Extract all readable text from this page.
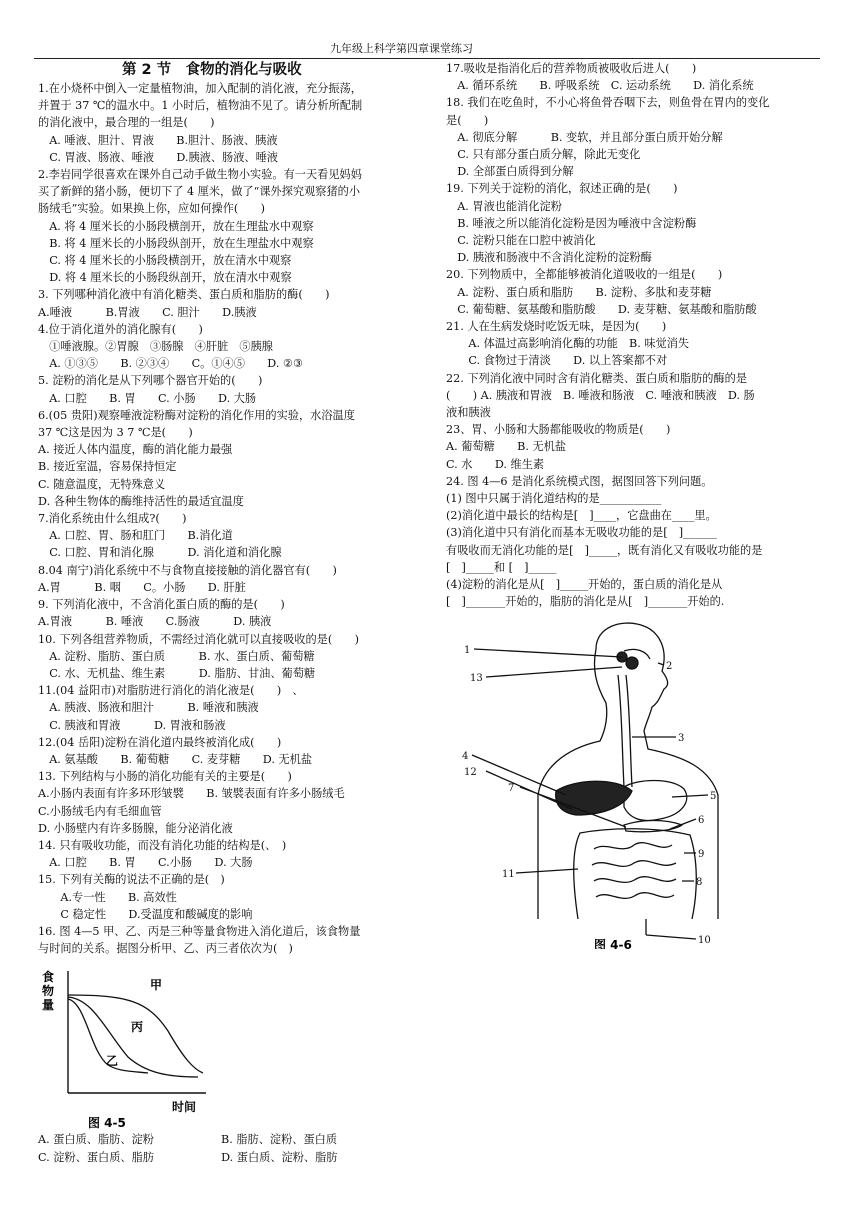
九年级上科学第四章课堂练习
第 2 节　食物的消化与吸收
1.在小烧杯中倒入一定量植物油，加入配制的消化液，充分振荡，
并置于 37 ℃的温水中。1 小时后，植物油不见了。请分析所配制
的消化液中，最合理的一组是(　　)
　A. 唾液、胆汁、胃液　　B.胆汁、肠液、胰液
　C. 胃液、肠液、唾液　　D.胰液、肠液、唾液
2.李岩同学很喜欢在课外自己动手做生物小实验。有一天看见妈妈
买了新鲜的猪小肠，便切下了 4 厘米，做了“课外探究观察猪的小
肠绒毛”实验。如果换上你，应如何操作(　　)
　A. 将 4 厘米长的小肠段横剖开，放在生理盐水中观察
　B. 将 4 厘米长的小肠段纵剖开，放在生理盐水中观察
　C. 将 4 厘米长的小肠段横剖开，放在清水中观察
　D. 将 4 厘米长的小肠段纵剖开，放在清水中观察
3. 下列哪种消化液中有消化糖类、蛋白质和脂肪的酶(　　)
A.唾液　　　B.胃液　　C. 胆汁　　D.胰液
4.位于消化道外的消化腺有(　　)
　①唾液腺。②胃腺　③肠腺　④肝脏　⑤胰腺
　A. ①③⑤　　B. ②③④　　C。①④⑤　　D. ②③
5. 淀粉的消化是从下列哪个器官开始的(　　)
　A. 口腔　　B. 胃　　C. 小肠　　D. 大肠
6.(05 贵阳)观察唾液淀粉酶对淀粉的消化作用的实验，水浴温度
37 ℃这是因为 3 7 ℃是(　　)
A. 接近人体内温度，酶的消化能力最强
B. 接近室温，容易保持恒定
C. 随意温度，无特殊意义
D. 各种生物体的酶维持活性的最适宜温度
7.消化系统由什么组成?(　　)
　A. 口腔、胃、肠和肛门　　B.消化道
　C. 口腔、胃和消化腺　　　D. 消化道和消化腺
8.04 南宁)消化系统中不与食物直接接触的消化器官有(　　)
A.胃　　　B. 咽　　C。小肠　　D. 肝脏
9. 下列消化液中，不含消化蛋白质的酶的是(　　)
A.胃液　　　B. 唾液　　C.肠液　　　D. 胰液
10. 下列各组营养物质，不需经过消化就可以直接吸收的是(　　)
　A. 淀粉、脂肪、蛋白质　　　B. 水、蛋白质、葡萄糖
　C. 水、无机盐、维生素　　　D. 脂肪、甘油、葡萄糖
11.(04 益阳市)对脂肪进行消化的消化液是(　　)　、
　A. 胰液、肠液和胆汁　　　B. 唾液和胰液
　C. 胰液和胃液　　　D. 胃液和肠液
12.(04 岳阳)淀粉在消化道内最终被消化成(　　)
　A. 氨基酸　　B. 葡萄糖　　C. 麦芽糖　　D. 无机盐
13. 下列结构与小肠的消化功能有关的主要是(　　)
A.小肠内表面有许多环形皱襞　　B. 皱襞表面有许多小肠绒毛
C.小肠绒毛内有毛细血管
D. 小肠壁内有许多肠腺，能分泌消化液
14. 只有吸收功能，而没有消化功能的结构是(、　)
　A. 口腔　　B. 胃　　C.小肠　　D. 大肠
15. 下列有关酶的说法不正确的是(　)
　　A.专一性　　B. 高效性
　　C 稳定性　　D.受温度和酸碱度的影响
16. 图 4—5 甲、乙、丙是三种等量食物进入消化道后，该食物量
与时间的关系。据图分析甲、乙、丙三者依次为(　)
食
物
量
甲
丙
乙
时间
图 4-5
A. 蛋白质、脂肪、淀粉　　　　　　B. 脂肪、淀粉、蛋白质
C. 淀粉、蛋白质、脂肪　　　　　　D. 蛋白质、淀粉、脂肪
17.吸收是指消化后的营养物质被吸收后进人(　　)
　A. 循环系统　　B. 呼吸系统　C. 运动系统　　D. 消化系统
18. 我们在吃鱼时，不小心将鱼骨吞咽下去，则鱼骨在胃内的变化
是(　　)
　A. 彻底分解　　　B. 变软，并且部分蛋白质开始分解
　C. 只有部分蛋白质分解，除此无变化
　D. 全部蛋白质得到分解
19. 下列关于淀粉的消化，叙述正确的是(　　)
　A. 胃液也能消化淀粉
　B. 唾液之所以能消化淀粉是因为唾液中含淀粉酶
　C. 淀粉只能在口腔中被消化
　D. 胰液和肠液中不含消化淀粉的淀粉酶
20. 下列物质中，全都能够被消化道吸收的一组是(　　)
　A. 淀粉、蛋白质和脂肪　　B. 淀粉、多肽和麦芽糖
　C. 葡萄糖、氨基酸和脂肪酸　　D. 麦芽糖、氨基酸和脂肪酸
21. 人在生病发烧时吃饭无味，是因为(　　)
　　A. 体温过高影响消化酶的功能　B. 味觉消失
　　C. 食物过于清淡　　D. 以上答案都不对
22. 下列消化液中同时含有消化糖类、蛋白质和脂肪的酶的是
(　　) A. 胰液和胃液　B. 唾液和肠液　C. 唾液和胰液　D. 肠
液和胰液
23、胃、小肠和大肠都能吸收的物质是(　　)
A. 葡萄糖　　B. 无机盐
C. 水　　D. 维生素
24. 图 4—6 是消化系统模式图，据图回答下列问题。
(1) 图中只属于消化道结构的是___________
(2)消化道中最长的结构是[　]____，它盘曲在____里。
(3)消化道中只有消化而基本无吸收功能的是[　]______
有吸收而无消化功能的是[　]_____，既有消化又有吸收功能的是
[　]_____和 [　]_____
(4)淀粉的消化是从[　]_____开始的，蛋白质的消化是从
[　]_______开始的，脂肪的消化是从[　]_______开始的.
1
2
13
3
4
5
12
6
7
9
8
11
10
图 4-6
